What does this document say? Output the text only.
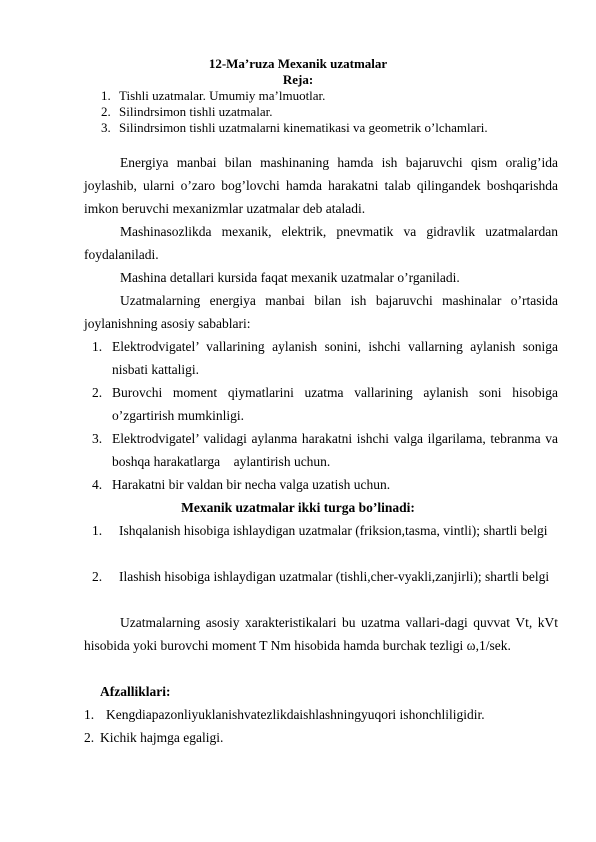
12-Ma’ruza Mexanik uzatmalar
Reja:
1. Tishli uzatmalar. Umumiy ma’lmuotlar.
2. Silindrsimon tishli uzatmalar.
3. Silindrsimon tishli uzatmalarni kinematikasi va geometrik o’lchamlari.
Energiya manbai bilan mashinaning hamda ish bajaruvchi qism oralig’ida joylashib, ularni o’zaro bog’lovchi hamda harakatni talab qilingandek boshqarishda imkon beruvchi mexanizmlar uzatmalar deb ataladi.
Mashinasozlikda mexanik, elektrik, pnevmatik va gidravlik uzatmalardan foydalaniladi.
Mashina detallari kursida faqat mexanik uzatmalar o’rganiladi.
Uzatmalarning energiya manbai bilan ish bajaruvchi mashinalar o’rtasida joylanishning asosiy sabablari:
1. Elektrodvigatel’ vallarining aylanish sonini, ishchi vallarning aylanish soniga nisbati kattaligi.
2. Burovchi moment qiymatlarini uzatma vallarining aylanish soni hisobiga o’zgartirish mumkinligi.
3. Elektrodvigatel’ validagi aylanma harakatni ishchi valga ilgarilama, tebranma va boshqa harakatlarga    aylantirish uchun.
4. Harakatni bir valdan bir necha valga uzatish uchun.
Mexanik uzatmalar ikki turga bo’linadi:
1. Ishqalanish hisobiga ishlaydigan uzatmalar (friksion,tasma, vintli); shartli belgi
2. Ilashish hisobiga ishlaydigan uzatmalar (tishli,cher-vyakli,zanjirli); shartli belgi
Uzatmalarning asosiy xarakteristikalari bu uzatma vallari-dagi quvvat Vt, kVt hisobida yoki burovchi moment T Nm hisobida hamda burchak tezligi ω,1/sek.
Afzalliklari:
1. Kengdiapazonliyuklanishvatezlikdaishlashningyuqori ishonchliligidir.
2. Kichik hajmga egaligi.
